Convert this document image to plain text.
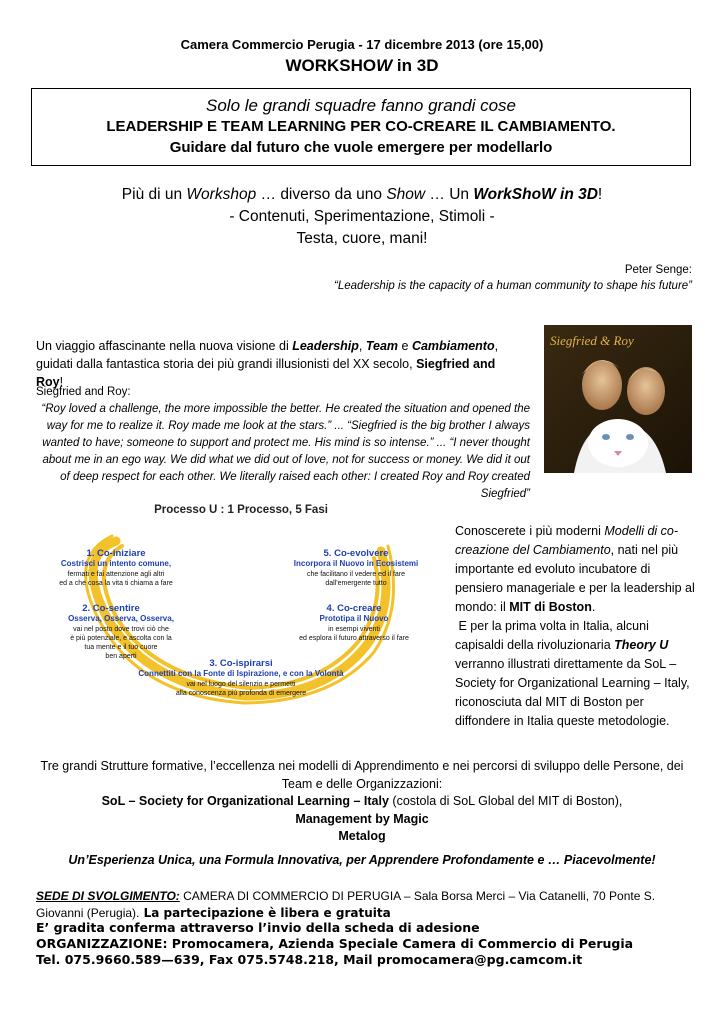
Camera Commercio Perugia - 17 dicembre 2013 (ore 15,00)
WORKSHOW in 3D
Solo le grandi squadre fanno grandi cose
LEADERSHIP E TEAM LEARNING PER CO-CREARE IL CAMBIAMENTO.
Guidare dal futuro che vuole emergere per modellarlo
Più di un Workshop … diverso da uno Show … Un WorkShoW in 3D!
- Contenuti, Sperimentazione, Stimoli -
Testa, cuore, mani!
Peter Senge:
“Leadership is the capacity of a human community to shape his future”
Un viaggio affascinante nella nuova visione di Leadership, Team e Cambiamento, guidati dalla fantastica storia dei più grandi illusionisti del XX secolo, Siegfried and Roy!
Siegfried & Roy
Siegfried and Roy:
“Roy loved a challenge, the more impossible the better. He created the situation and opened the way for me to realize it. Roy made me look at the stars.” ... “Siegfried is the big brother I always wanted to have; someone to support and protect me. His mind is so intense.” ... “I never thought about me in an ego way. We did what we did out of love, not for success or money. We did it out of deep respect for each other. We literally raised each other: I created Roy and Roy created Siegfried”
Processo U : 1 Processo, 5 Fasi
1. Co-iniziare
Costrisci un intento comune,
fermati e fai attenzione agli altri
ed a che cosa la vita ti chiama a fare
2. Co-sentire
Osserva, Osserva, Osserva,
vai nel posto dove trovi ciò che
è più potenziale, e ascolta con la
tua mente e il tuo cuore
ben aperti
3. Co-ispirarsi
Connettiti con la Fonte di Ispirazione, e con la Volontà
vai nel luogo del silenzio e permetti
alla conoscenza più profonda di emergere
4. Co-creare
Prototipa il Nuovo
in esempi viventi
ed esplora il futuro attraverso il fare
5. Co-evolvere
Incorpora il Nuovo in Ecosistemi
che facilitano il vedere ed il fare
dall'emergente tutto
Conoscerete i più moderni Modelli di co-creazione del Cambiamento, nati nel più importante ed evoluto incubatore di pensiero manageriale e per la leadership al mondo: il MIT di Boston.
E per la prima volta in Italia, alcuni capisaldi della rivoluzionaria Theory U verranno illustrati direttamente da SoL – Society for Organizational Learning – Italy, riconosciuta dal MIT di Boston per diffondere in Italia queste metodologie.
Tre grandi Strutture formative, l’eccellenza nei modelli di Apprendimento e nei percorsi di sviluppo delle Persone, dei Team e delle Organizzazioni:
SoL – Society for Organizational Learning – Italy (costola di SoL Global del MIT di Boston),
Management by Magic
Metalog
Un’Esperienza Unica, una Formula Innovativa, per Apprendere Profondamente e … Piacevolmente!
SEDE DI SVOLGIMENTO: CAMERA DI COMMERCIO DI PERUGIA – Sala Borsa Merci – Via Catanelli, 70 Ponte S. Giovanni (Perugia). La partecipazione è libera e gratuita
E’ gradita conferma attraverso l’invio della scheda di adesione
ORGANIZZAZIONE: Promocamera, Azienda Speciale Camera di Commercio di Perugia
Tel. 075.9660.589—639, Fax 075.5748.218, Mail promocamera@pg.camcom.it
